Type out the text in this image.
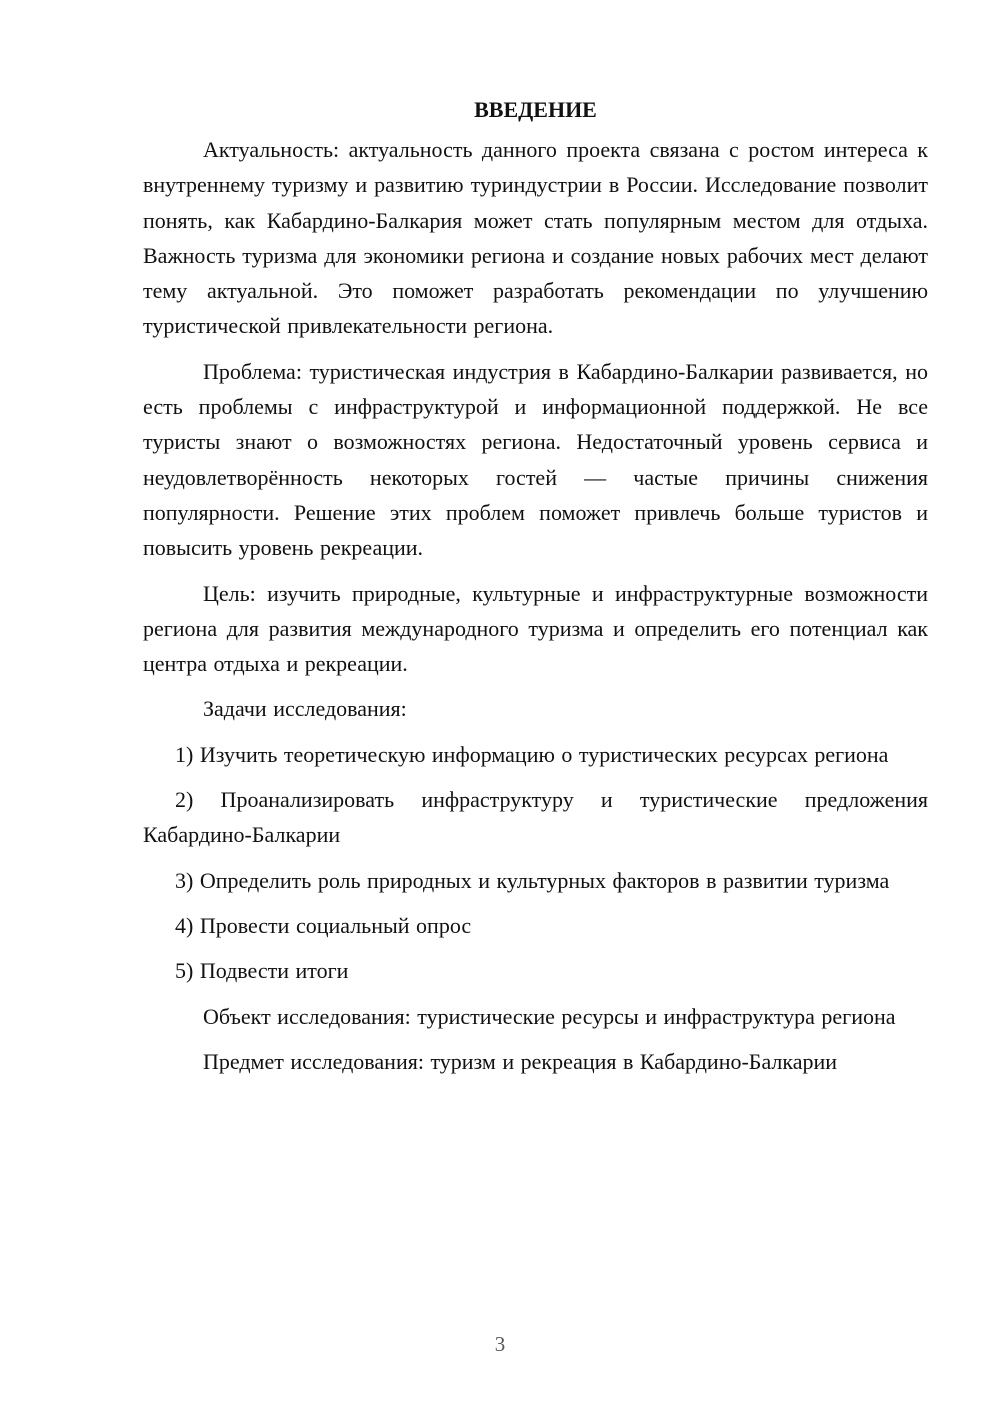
ВВЕДЕНИЕ

Актуальность: актуальность данного проекта связана с ростом интереса к внутреннему туризму и развитию туриндустрии в России. Исследование позволит понять, как Кабардино-Балкария может стать популярным местом для отдыха. Важность туризма для экономики региона и создание новых рабочих мест делают тему актуальной. Это поможет разработать рекомендации по улучшению туристической привлекательности региона.

Проблема: туристическая индустрия в Кабардино-Балкарии развивается, но есть проблемы с инфраструктурой и информационной поддержкой. Не все туристы знают о возможностях региона. Недостаточный уровень сервиса и неудовлетворённость некоторых гостей — частые причины снижения популярности. Решение этих проблем поможет привлечь больше туристов и повысить уровень рекреации.

Цель: изучить природные, культурные и инфраструктурные возможности региона для развития международного туризма и определить его потенциал как центра отдыха и рекреации.

Задачи исследования:

1) Изучить теоретическую информацию о туристических ресурсах региона

2) Проанализировать инфраструктуру и туристические предложения Кабардино-Балкарии

3) Определить роль природных и культурных факторов в развитии туризма

4) Провести социальный опрос

5) Подвести итоги

Объект исследования: туристические ресурсы и инфраструктура региона

Предмет исследования: туризм и рекреация в Кабардино-Балкарии

3
